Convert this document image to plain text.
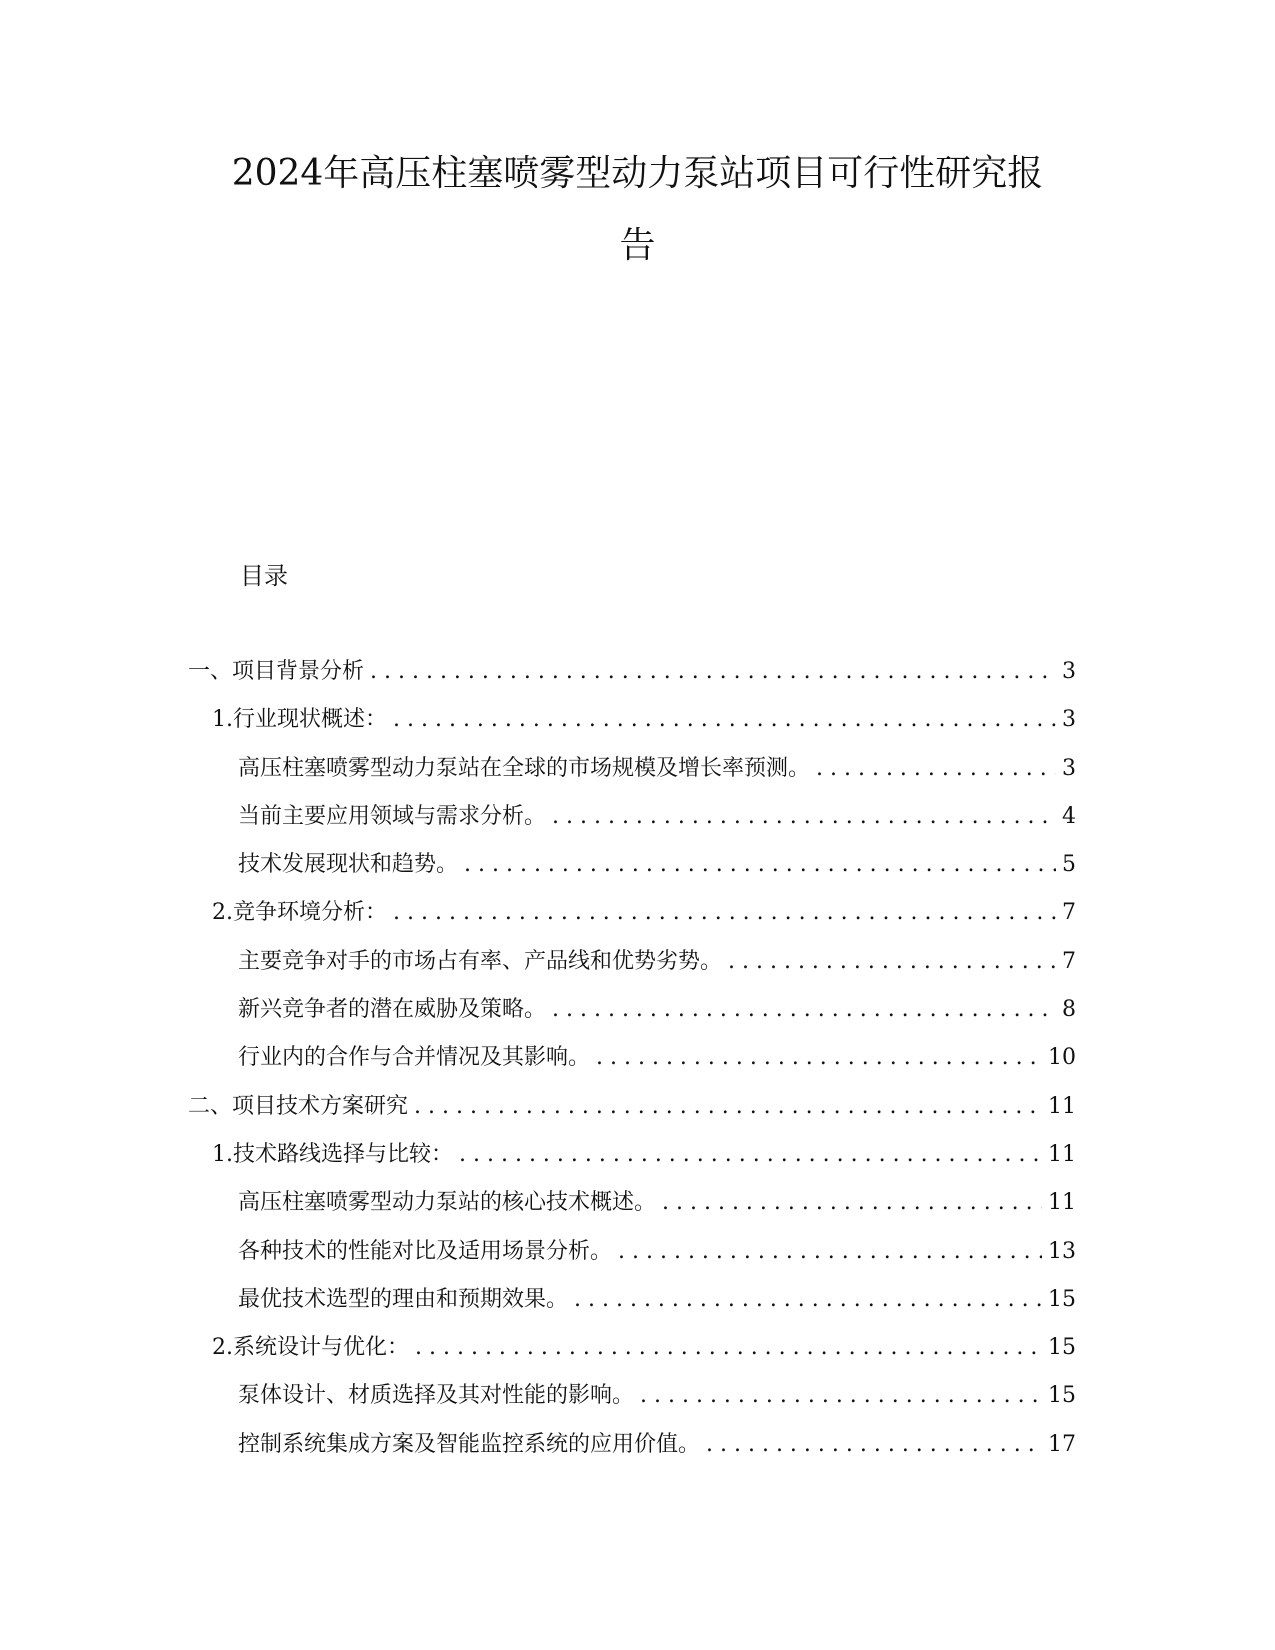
2024年高压柱塞喷雾型动力泵站项目可行性研究报
告
目录
一、项目背景分析 . . .	3
1. 行业现状概述： . . .	3
高压柱塞喷雾型动力泵站在全球的市场规模及增长率预测。 . . .	3
当前主要应用领域与需求分析。 . . .	4
技术发展现状和趋势。 . . .	5
2. 竞争环境分析： . . .	7
主要竞争对手的市场占有率、产品线和优势劣势。 . . .	7
新兴竞争者的潜在威胁及策略。 . . .	8
行业内的合作与合并情况及其影响。 . . .	10
二、项目技术方案研究 . . .	11
1. 技术路线选择与比较： . . .	11
高压柱塞喷雾型动力泵站的核心技术概述。 . . .	11
各种技术的性能对比及适用场景分析。 . . .	13
最优技术选型的理由和预期效果。 . . .	15
2. 系统设计与优化： . . .	15
泵体设计、材质选择及其对性能的影响。 . . .	15
控制系统集成方案及智能监控系统的应用价值。 . . .	17
